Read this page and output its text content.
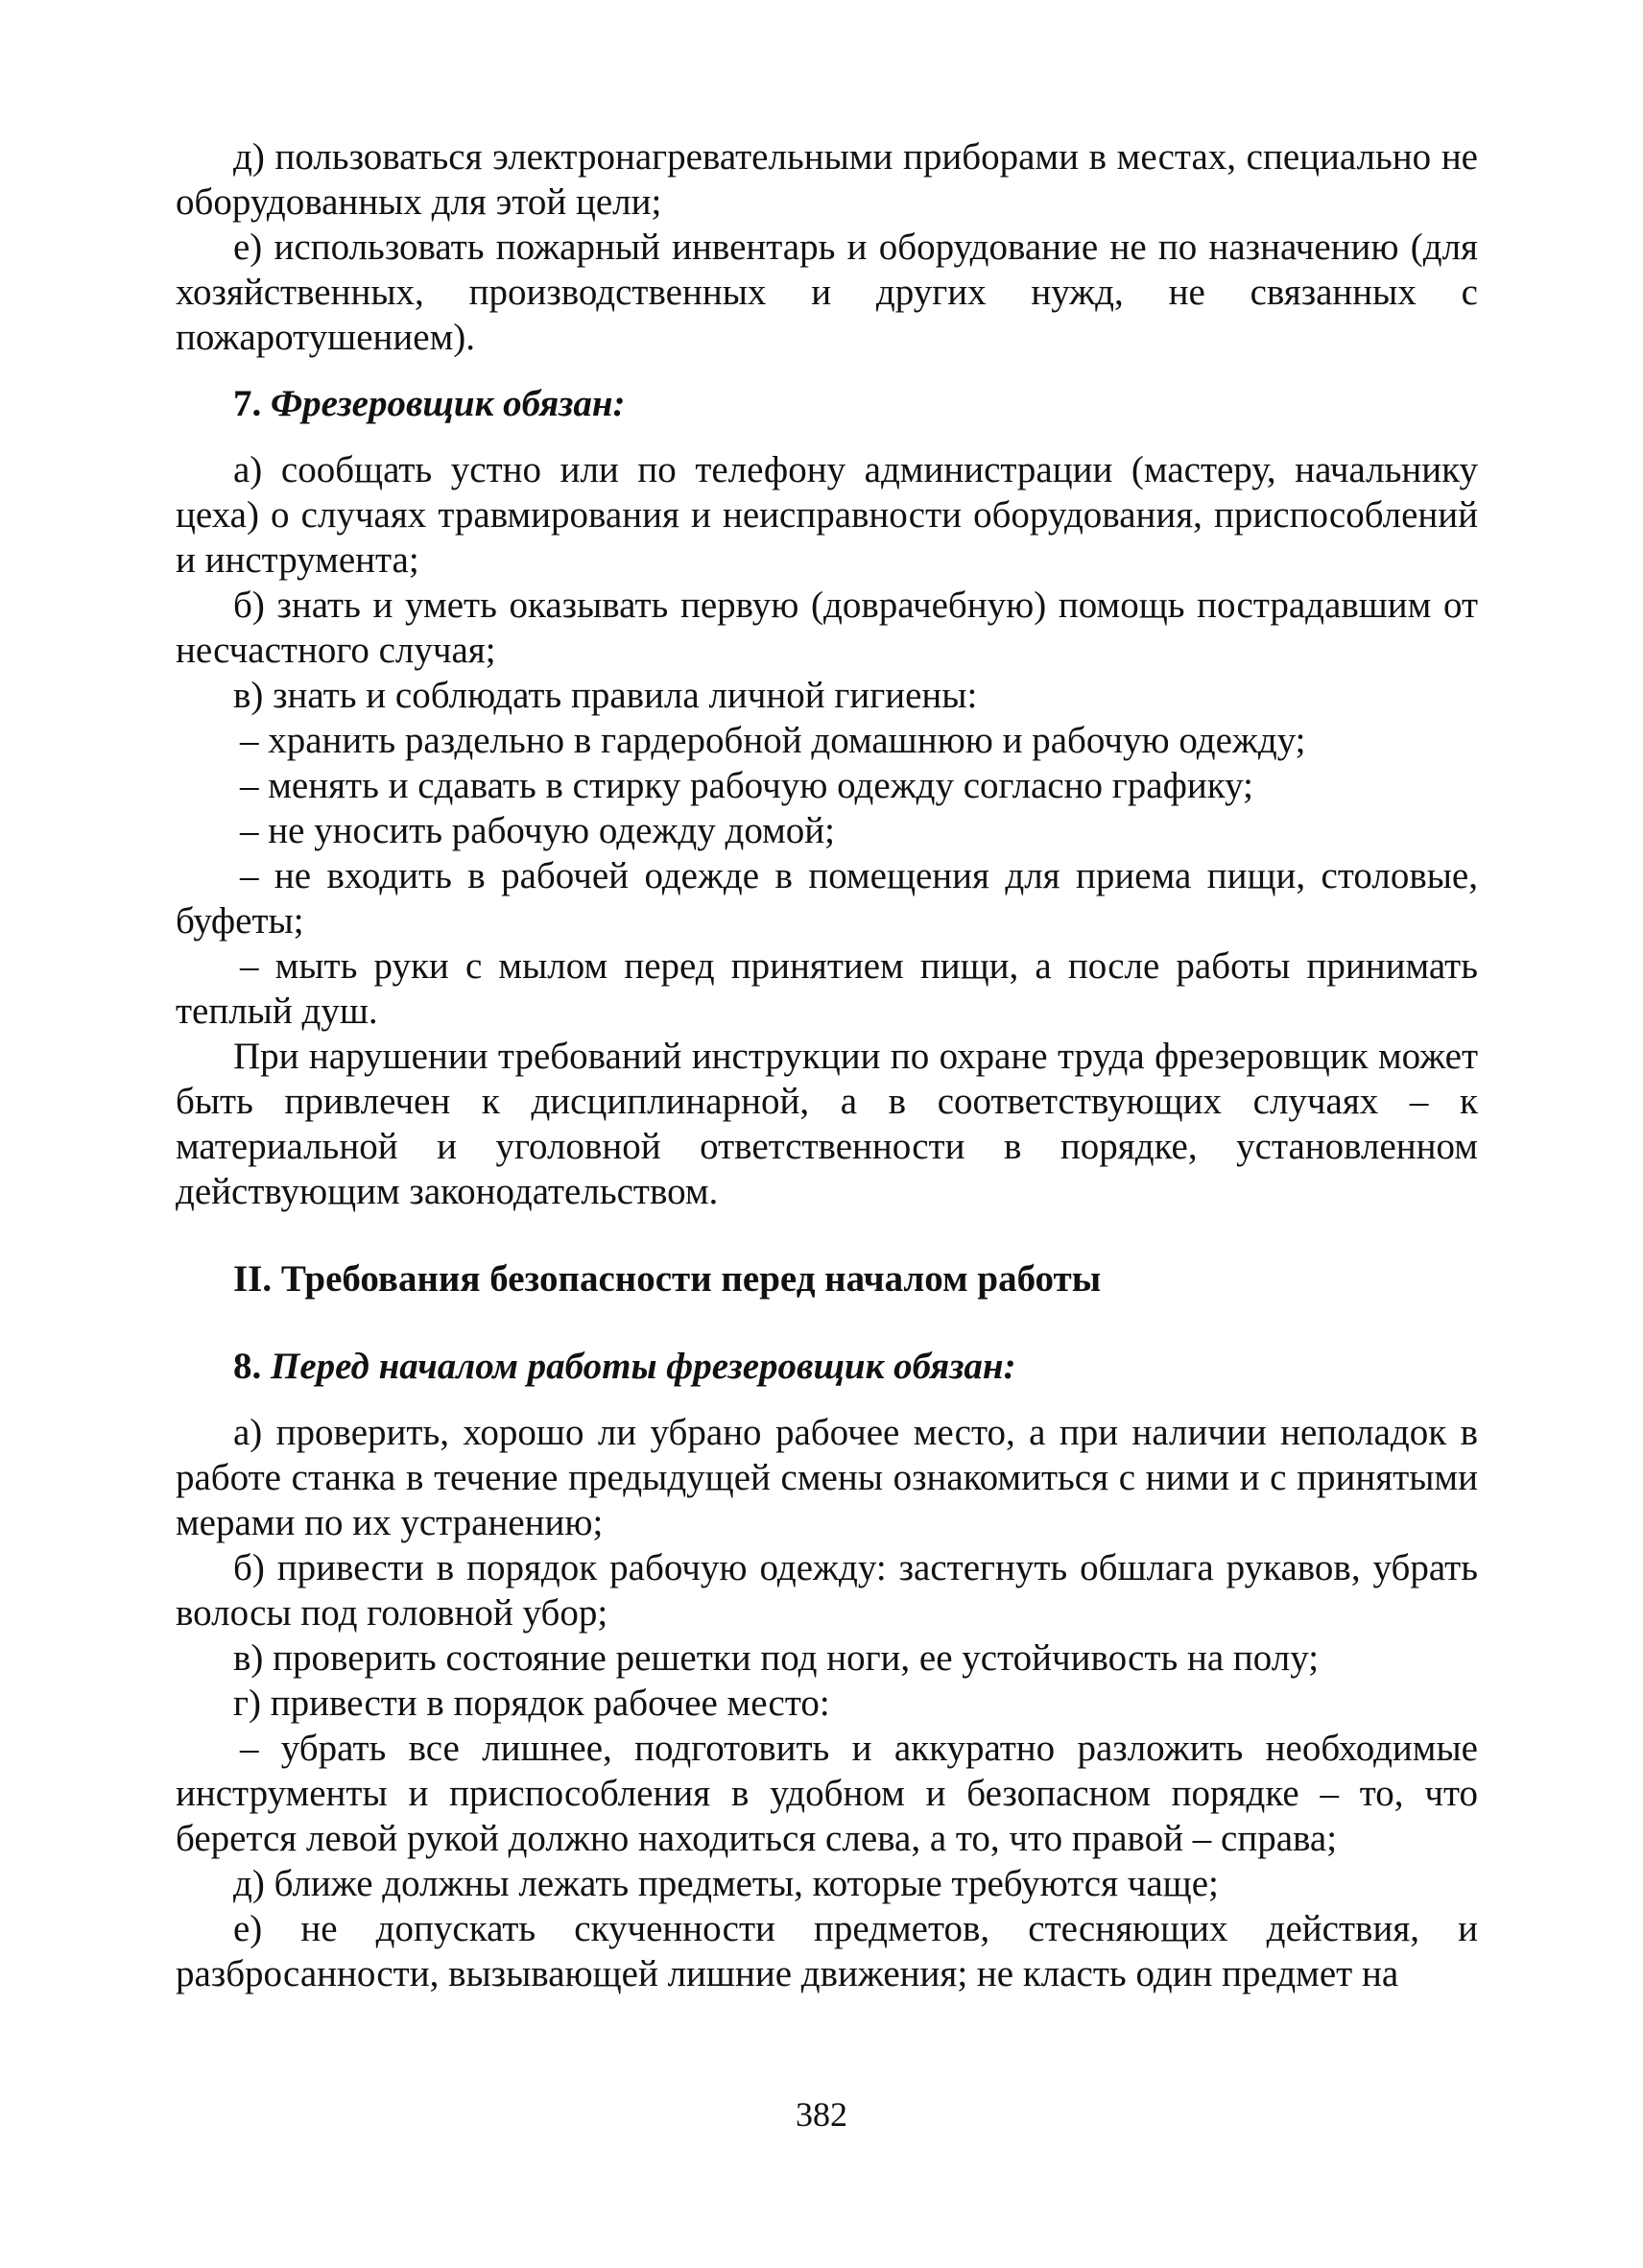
д) пользоваться электронагревательными приборами в местах, специально не оборудованных для этой цели;

е) использовать пожарный инвентарь и оборудование не по назначению (для хозяйственных, производственных и других нужд, не связанных с пожаротушением).

7. Фрезеровщик обязан:

а) сообщать устно или по телефону администрации (мастеру, начальнику цеха) о случаях травмирования и неисправности оборудования, приспособлений и инструмента;

б) знать и уметь оказывать первую (доврачебную) помощь пострадавшим от несчастного случая;

в) знать и соблюдать правила личной гигиены:

– хранить раздельно в гардеробной домашнюю и рабочую одежду;

– менять и сдавать в стирку рабочую одежду согласно графику;

– не уносить рабочую одежду домой;

– не входить в рабочей одежде в помещения для приема пищи, столовые, буфеты;

– мыть руки с мылом перед принятием пищи, а после работы принимать теплый душ.

При нарушении требований инструкции по охране труда фрезеровщик может быть привлечен к дисциплинарной, а в соответствующих случаях – к материальной и уголовной ответственности в порядке, установленном действующим законодательством.

II. Требования безопасности перед началом работы

8. Перед началом работы фрезеровщик обязан:

а) проверить, хорошо ли убрано рабочее место, а при наличии неполадок в работе станка в течение предыдущей смены ознакомиться с ними и с принятыми мерами по их устранению;

б) привести в порядок рабочую одежду: застегнуть обшлага рукавов, убрать волосы под головной убор;

в) проверить состояние решетки под ноги, ее устойчивость на полу;

г) привести в порядок рабочее место:

– убрать все лишнее, подготовить и аккуратно разложить необходимые инструменты и приспособления в удобном и безопасном порядке – то, что берется левой рукой должно находиться слева, а то, что правой – справа;

д) ближе должны лежать предметы, которые требуются чаще;

е) не допускать скученности предметов, стесняющих действия, и разбросанности, вызывающей лишние движения; не класть один предмет на

382
